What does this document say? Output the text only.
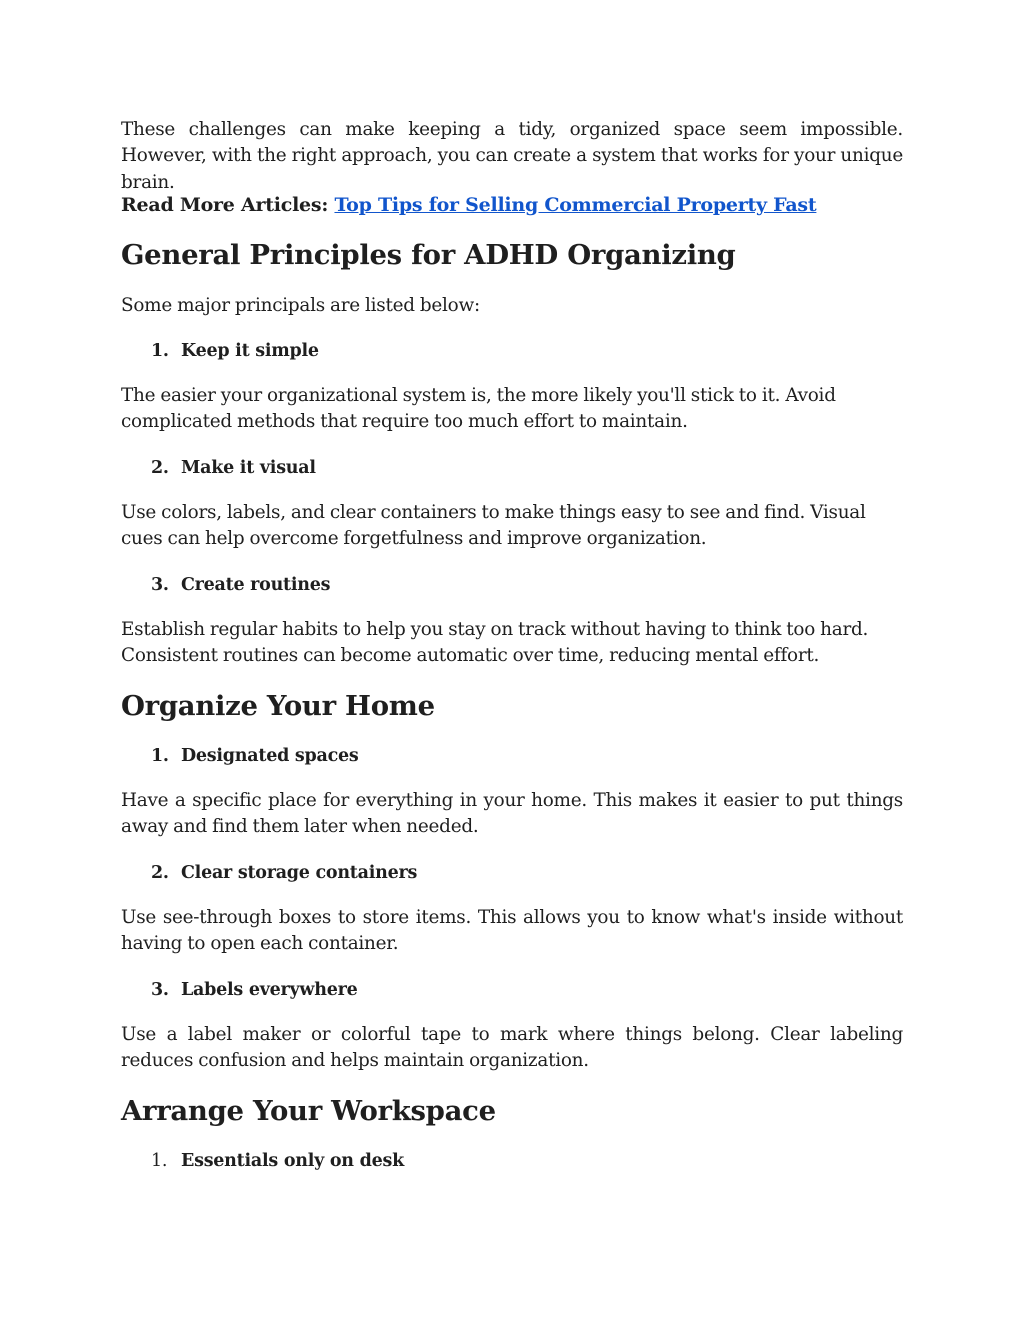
These challenges can make keeping a tidy, organized space seem impossible. However, with the right approach, you can create a system that works for your unique brain.

Read More Articles: Top Tips for Selling Commercial Property Fast

General Principles for ADHD Organizing

Some major principals are listed below:

1. Keep it simple

The easier your organizational system is, the more likely you'll stick to it. Avoid complicated methods that require too much effort to maintain.

2. Make it visual

Use colors, labels, and clear containers to make things easy to see and find. Visual cues can help overcome forgetfulness and improve organization.

3. Create routines

Establish regular habits to help you stay on track without having to think too hard. Consistent routines can become automatic over time, reducing mental effort.

Organize Your Home
1. Designated spaces

Have a specific place for everything in your home. This makes it easier to put things away and find them later when needed.

2. Clear storage containers

Use see-through boxes to store items. This allows you to know what's inside without having to open each container.

3. Labels everywhere

Use a label maker or colorful tape to mark where things belong. Clear labeling reduces confusion and helps maintain organization.

Arrange Your Workspace
1. Essentials only on desk
